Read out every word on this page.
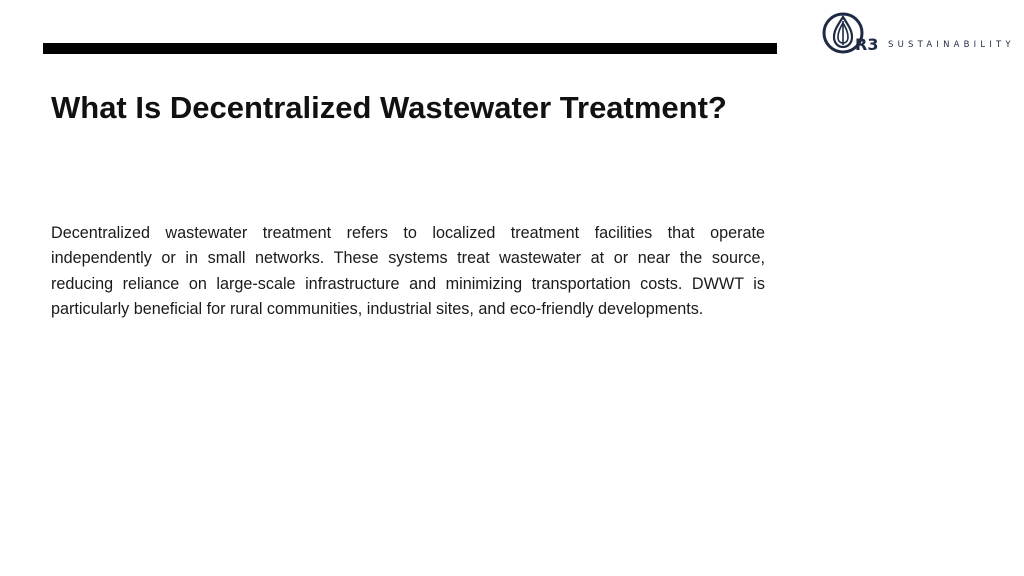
R3 SUSTAINABILITY
What Is Decentralized Wastewater Treatment?

Decentralized wastewater treatment refers to localized treatment facilities that operate independently or in small networks. These systems treat wastewater at or near the source, reducing reliance on large-scale infrastructure and minimizing transportation costs. DWWT is particularly beneficial for rural communities, industrial sites, and eco-friendly developments.
